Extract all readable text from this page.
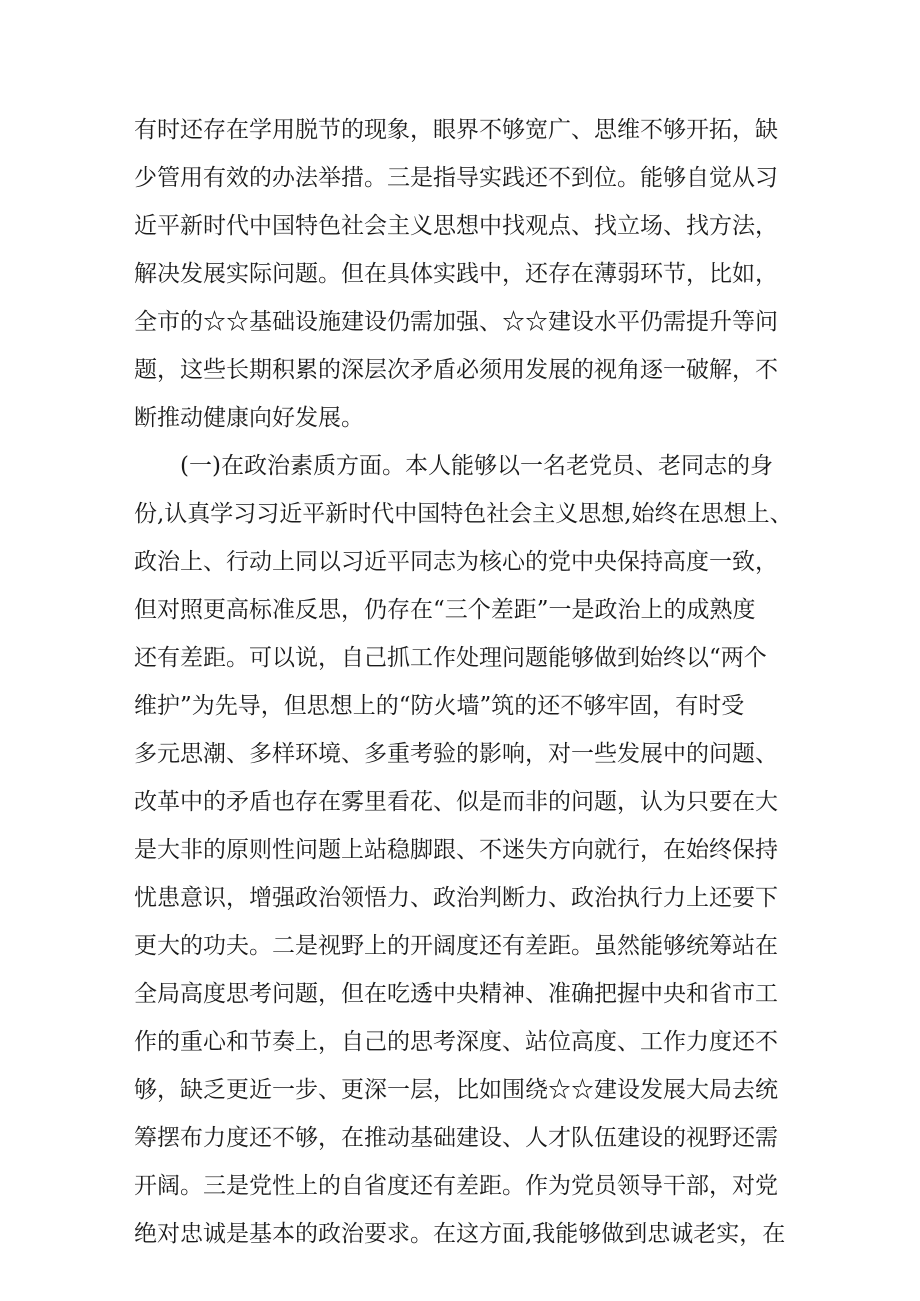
有时还存在学用脱节的现象，眼界不够宽广、思维不够开拓，缺
少管用有效的办法举措。三是指导实践还不到位。能够自觉从习
近平新时代中国特色社会主义思想中找观点、找立场、找方法，
解决发展实际问题。但在具体实践中，还存在薄弱环节，比如，
全市的☆☆基础设施建设仍需加强、☆☆建设水平仍需提升等问
题，这些长期积累的深层次矛盾必须用发展的视角逐一破解，不
断推动健康向好发展。
(一)在政治素质方面。本人能够以一名老党员、老同志的身
份,认真学习习近平新时代中国特色社会主义思想,始终在思想上、
政治上、行动上同以习近平同志为核心的党中央保持高度一致，
但对照更高标准反思，仍存在“三个差距”一是政治上的成熟度
还有差距。可以说，自己抓工作处理问题能够做到始终以“两个
维护”为先导，但思想上的“防火墙”筑的还不够牢固，有时受
多元思潮、多样环境、多重考验的影响，对一些发展中的问题、
改革中的矛盾也存在雾里看花、似是而非的问题，认为只要在大
是大非的原则性问题上站稳脚跟、不迷失方向就行，在始终保持
忧患意识，增强政治领悟力、政治判断力、政治执行力上还要下
更大的功夫。二是视野上的开阔度还有差距。虽然能够统筹站在
全局高度思考问题，但在吃透中央精神、准确把握中央和省市工
作的重心和节奏上，自己的思考深度、站位高度、工作力度还不
够，缺乏更近一步、更深一层，比如围绕☆☆建设发展大局去统
筹摆布力度还不够，在推动基础建设、人才队伍建设的视野还需
开阔。三是党性上的自省度还有差距。作为党员领导干部，对党
绝对忠诚是基本的政治要求。在这方面,我能够做到忠诚老实，在
